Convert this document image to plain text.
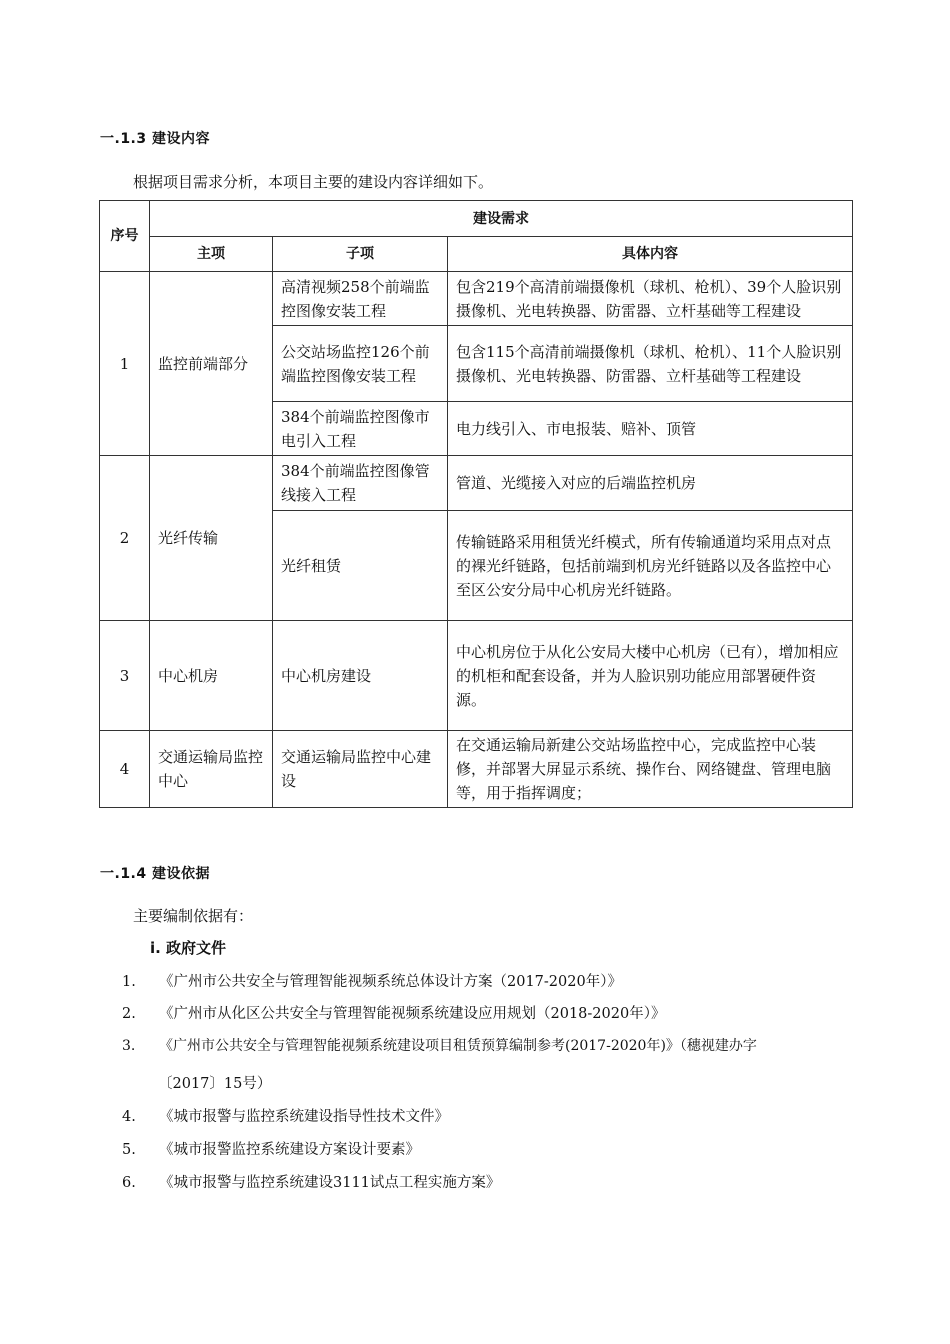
一.1.3 建设内容
根据项目需求分析，本项目主要的建设内容详细如下。
序号	建设需求		
	主项	子项	具体内容
1	监控前端部分	高清视频258个前端监控图像安装工程	包含219个高清前端摄像机（球机、枪机）、39个人脸识别摄像机、光电转换器、防雷器、立杆基础等工程建设
		公交站场监控126个前端监控图像安装工程	包含115个高清前端摄像机（球机、枪机）、11个人脸识别摄像机、光电转换器、防雷器、立杆基础等工程建设
		384个前端监控图像市电引入工程	电力线引入、市电报装、赔补、顶管
2	光纤传输	384个前端监控图像管线接入工程	管道、光缆接入对应的后端监控机房
		光纤租赁	传输链路采用租赁光纤模式，所有传输通道均采用点对点的裸光纤链路，包括前端到机房光纤链路以及各监控中心至区公安分局中心机房光纤链路。
3	中心机房	中心机房建设	中心机房位于从化公安局大楼中心机房（已有），增加相应的机柜和配套设备，并为人脸识别功能应用部署硬件资源。
4	交通运输局监控中心	交通运输局监控中心建设	在交通运输局新建公交站场监控中心，完成监控中心装修，并部署大屏显示系统、操作台、网络键盘、管理电脑等，用于指挥调度；
一.1.4 建设依据
主要编制依据有：
i. 政府文件
1. 《广州市公共安全与管理智能视频系统总体设计方案（2017-2020年）》
2. 《广州市从化区公共安全与管理智能视频系统建设应用规划（2018-2020年）》
3. 《广州市公共安全与管理智能视频系统建设项目租赁预算编制参考(2017-2020年)》（穗视建办字
〔2017〕15号）
4. 《城市报警与监控系统建设指导性技术文件》
5. 《城市报警监控系统建设方案设计要素》
6. 《城市报警与监控系统建设3111试点工程实施方案》
